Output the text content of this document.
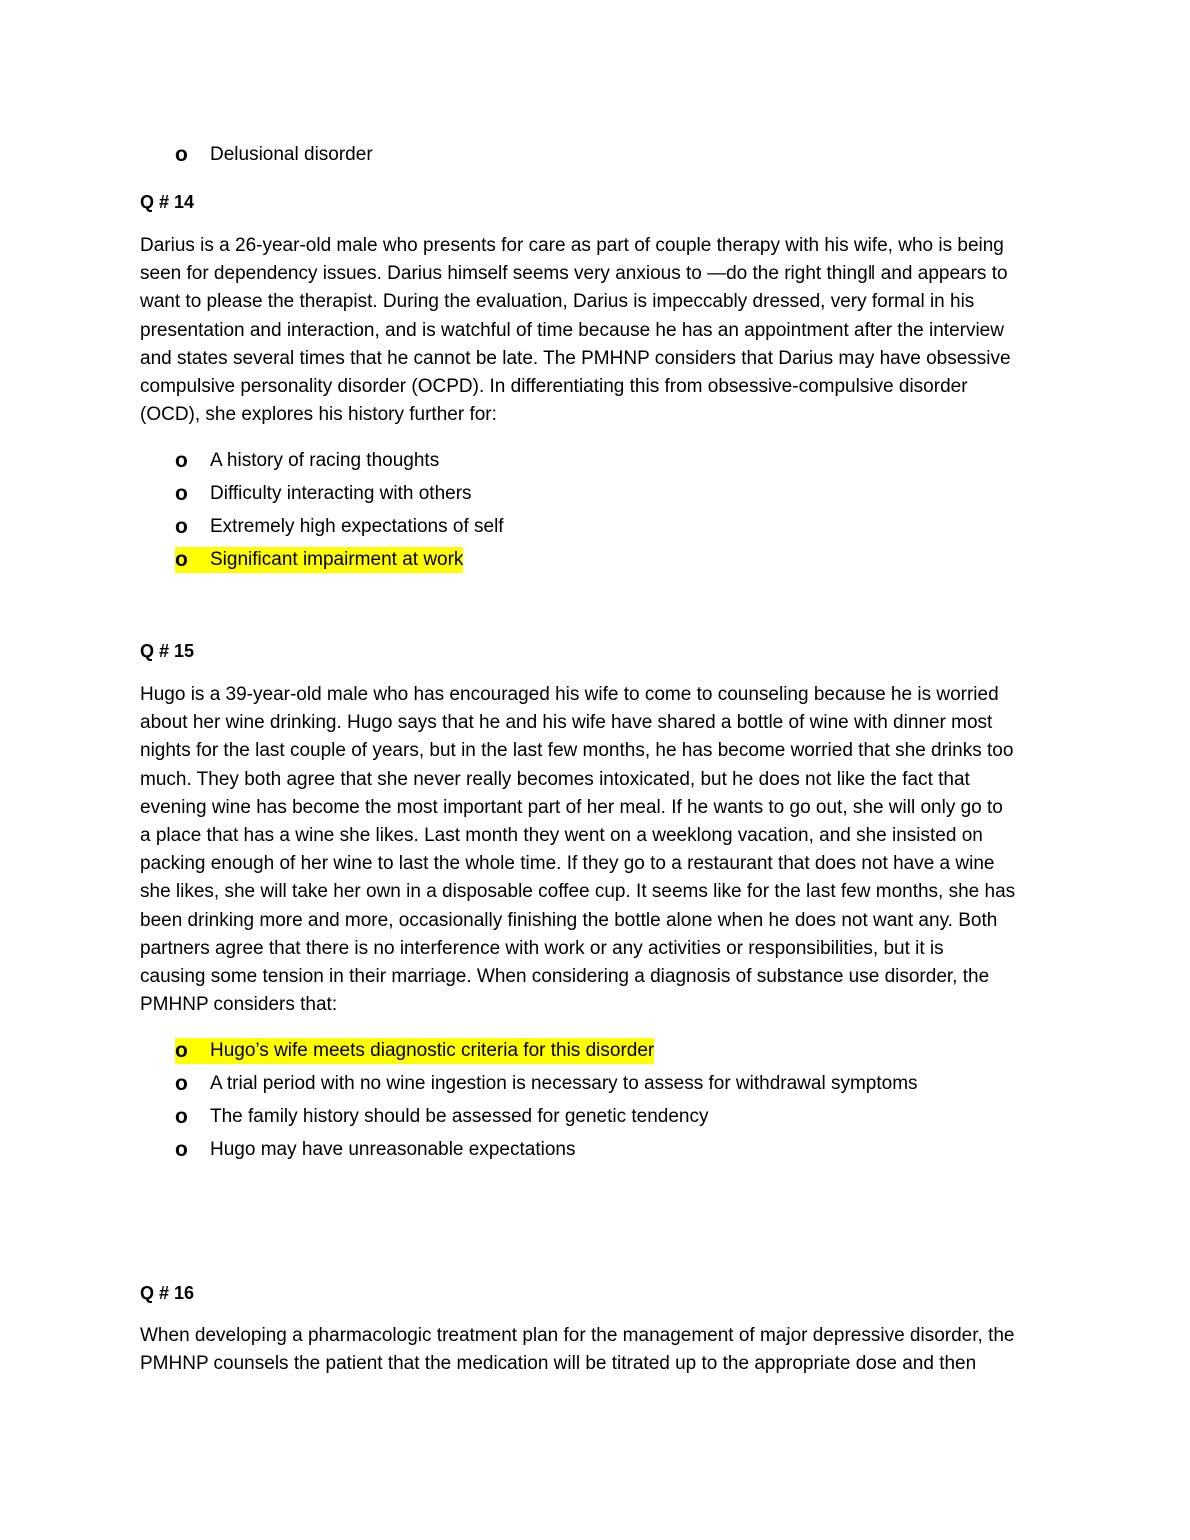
o Delusional disorder
Q # 14
Darius is a 26-year-old male who presents for care as part of couple therapy with his wife, who is being
seen for dependency issues. Darius himself seems very anxious to —do the right thing‖ and appears to
want to please the therapist. During the evaluation, Darius is impeccably dressed, very formal in his
presentation and interaction, and is watchful of time because he has an appointment after the interview
and states several times that he cannot be late. The PMHNP considers that Darius may have obsessive
compulsive personality disorder (OCPD). In differentiating this from obsessive-compulsive disorder
(OCD), she explores his history further for:
o A history of racing thoughts
o Difficulty interacting with others
o Extremely high expectations of self
o Significant impairment at work
Q # 15
Hugo is a 39-year-old male who has encouraged his wife to come to counseling because he is worried
about her wine drinking. Hugo says that he and his wife have shared a bottle of wine with dinner most
nights for the last couple of years, but in the last few months, he has become worried that she drinks too
much. They both agree that she never really becomes intoxicated, but he does not like the fact that
evening wine has become the most important part of her meal. If he wants to go out, she will only go to
a place that has a wine she likes. Last month they went on a weeklong vacation, and she insisted on
packing enough of her wine to last the whole time. If they go to a restaurant that does not have a wine
she likes, she will take her own in a disposable coffee cup. It seems like for the last few months, she has
been drinking more and more, occasionally finishing the bottle alone when he does not want any. Both
partners agree that there is no interference with work or any activities or responsibilities, but it is
causing some tension in their marriage. When considering a diagnosis of substance use disorder, the
PMHNP considers that:
o Hugo’s wife meets diagnostic criteria for this disorder
o A trial period with no wine ingestion is necessary to assess for withdrawal symptoms
o The family history should be assessed for genetic tendency
o Hugo may have unreasonable expectations
Q # 16
When developing a pharmacologic treatment plan for the management of major depressive disorder, the
PMHNP counsels the patient that the medication will be titrated up to the appropriate dose and then
